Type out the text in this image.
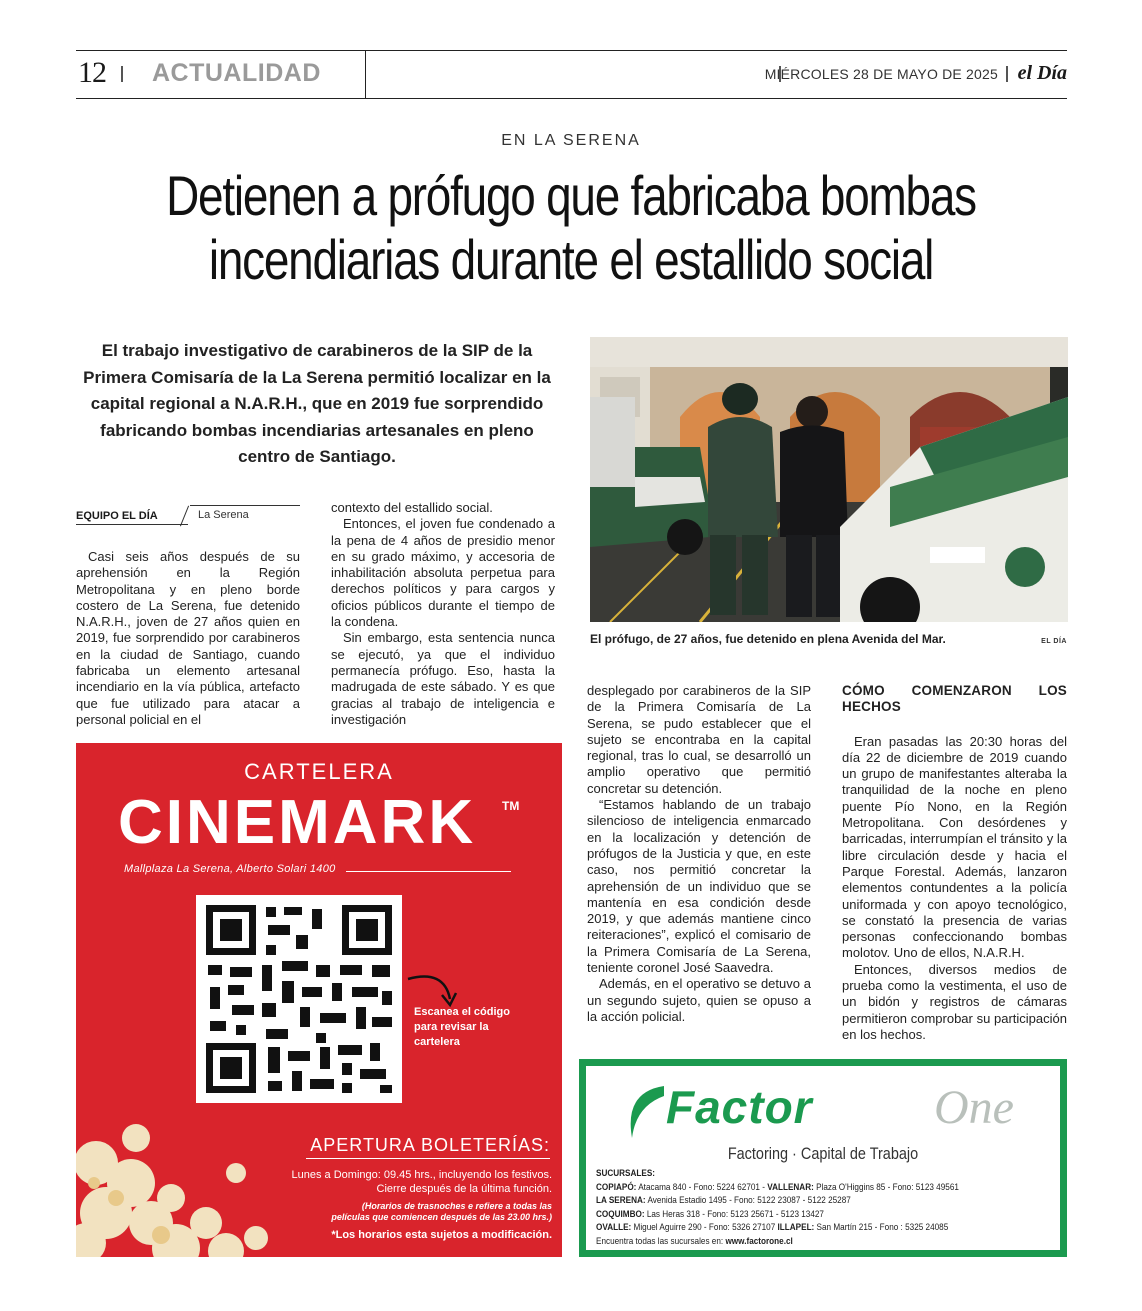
12 ACTUALIDAD	MIÉRCOLES 28 DE MAYO DE 2025 el Día
EN LA SERENA
Detienen a prófugo que fabricaba bombas
incendiarias durante el estallido social
El trabajo investigativo de carabineros de la SIP de la Primera Comisaría de la La Serena permitió localizar en la capital regional a N.A.R.H., que en 2019 fue sorprendido fabricando bombas incendiarias artesanales en pleno centro de Santiago.
EQUIPO EL DÍA	La Serena

Casi seis años después de su aprehensión en la Región Metropolitana y en pleno borde costero de La Serena, fue detenido N.A.R.H., joven de 27 años quien en 2019, fue sorprendido por carabineros en la ciudad de Santiago, cuando fabricaba un elemento artesanal incendiario en la vía pública, artefacto que fue utilizado para atacar a personal policial en el

contexto del estallido social.

Entonces, el joven fue condenado a la pena de 4 años de presidio menor en su grado máximo, y accesoria de inhabilitación absoluta perpetua para derechos políticos y para cargos y oficios públicos durante el tiempo de la condena.

Sin embargo, esta sentencia nunca se ejecutó, ya que el individuo permanecía prófugo. Eso, hasta la madrugada de este sábado. Y es que gracias al trabajo de inteligencia e investigación

desplegado por carabineros de la SIP de la Primera Comisaría de La Serena, se pudo establecer que el sujeto se encontraba en la capital regional, tras lo cual, se desarrolló un amplio operativo que permitió concretar su detención.

“Estamos hablando de un trabajo silencioso de inteligencia enmarcado en la localización y detención de prófugos de la Justicia y que, en este caso, nos permitió concretar la aprehensión de un individuo que se mantenía en esa condición desde 2019, y que además mantiene cinco reiteraciones”, explicó el comisario de la Primera Comisaría de La Serena, teniente coronel José Saavedra.

Además, en el operativo se detuvo a un segundo sujeto, quien se opuso a la acción policial.

CÓMO COMENZARON LOS HECHOS

Eran pasadas las 20:30 horas del día 22 de diciembre de 2019 cuando un grupo de manifestantes alteraba la tranquilidad de la noche en pleno puente Pío Nono, en la Región Metropolitana. Con desórdenes y barricadas, interrumpían el tránsito y la libre circulación desde y hacia el Parque Forestal. Además, lanzaron elementos contundentes a la policía uniformada y con apoyo tecnológico, se constató la presencia de varias personas confeccionando bombas molotov. Uno de ellos, N.A.R.H.

Entonces, diversos medios de prueba como la vestimenta, el uso de un bidón y registros de cámaras permitieron comprobar su participación en los hechos.

El prófugo, de 27 años, fue detenido en plena Avenida del Mar.	EL DÍA
CARTELERA
CINEMARK TM
Mallplaza La Serena, Alberto Solari 1400
Escanea el código para revisar la cartelera
APERTURA BOLETERÍAS:
Lunes a Domingo: 09.45 hrs., incluyendo los festivos.
Cierre después de la última función.
(Horarios de trasnoches e refiere a todas las
películas que comiencen después de las 23.00 hrs.)
*Los horarios esta sujetos a modificación.
Factor	One
Factoring · Capital de Trabajo
SUCURSALES:
COPIAPÓ: Atacama 840 - Fono: 5224 62701 - VALLENAR: Plaza O'Higgins 85 - Fono: 5123 49561
LA SERENA: Avenida Estadio 1495 - Fono: 5122 23087 - 5122 25287
COQUIMBO: Las Heras 318 - Fono: 5123 25671 - 5123 13427
OVALLE: Miguel Aguirre 290 - Fono: 5326 27107 ILLAPEL: San Martín 215 - Fono : 5325 24085
Encuentra todas las sucursales en: www.factorone.cl
